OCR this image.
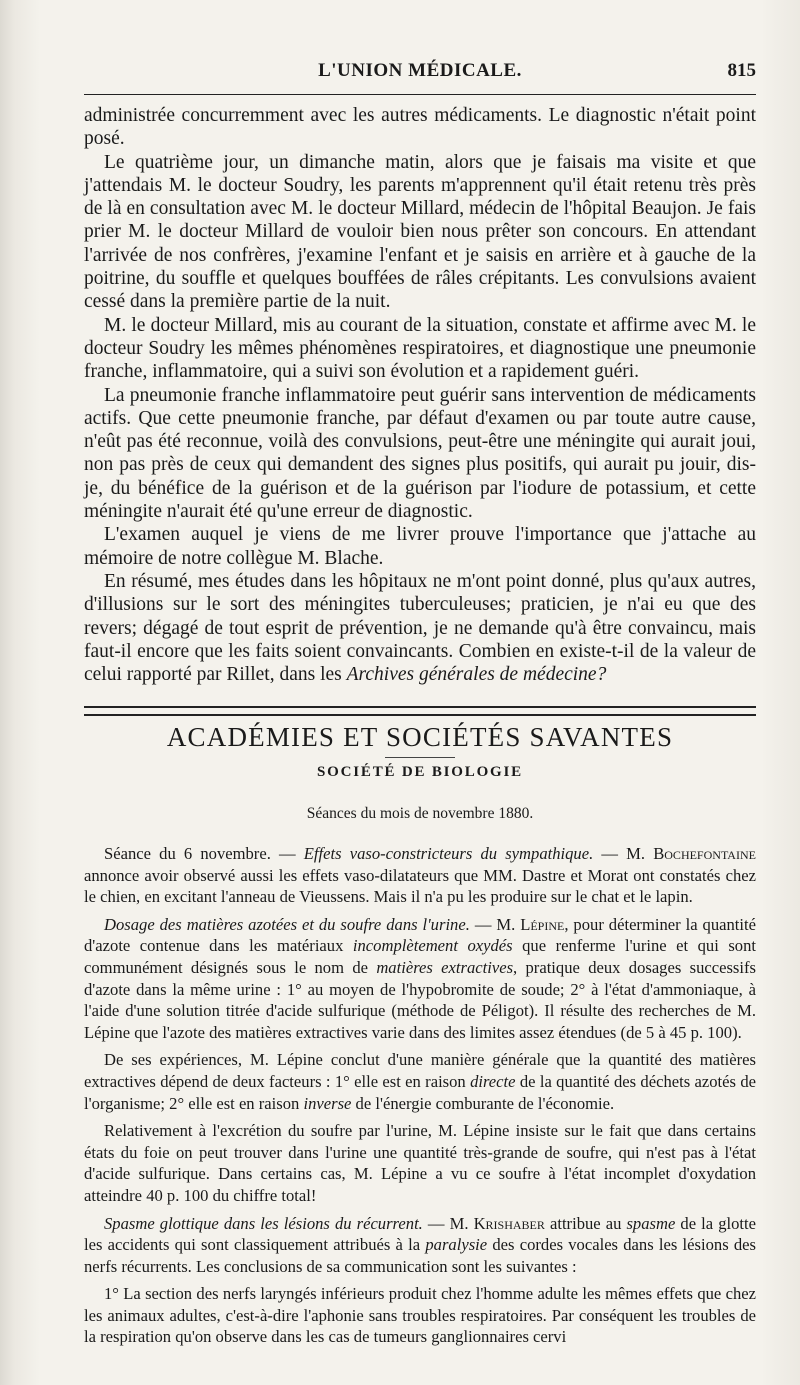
L'UNION MÉDICALE.	815

administrée concurremment avec les autres médicaments. Le diagnostic n'était point posé.

Le quatrième jour, un dimanche matin, alors que je faisais ma visite et que j'attendais M. le docteur Soudry, les parents m'apprennent qu'il était retenu très près de là en consultation avec M. le docteur Millard, médecin de l'hôpital Beaujon. Je fais prier M. le docteur Millard de vouloir bien nous prêter son concours. En attendant l'arrivée de nos confrères, j'examine l'enfant et je saisis en arrière et à gauche de la poitrine, du souffle et quelques bouffées de râles crépitants. Les convulsions avaient cessé dans la première partie de la nuit.

M. le docteur Millard, mis au courant de la situation, constate et affirme avec M. le docteur Soudry les mêmes phénomènes respiratoires, et diagnostique une pneumonie franche, inflammatoire, qui a suivi son évolution et a rapidement guéri.

La pneumonie franche inflammatoire peut guérir sans intervention de médicaments actifs. Que cette pneumonie franche, par défaut d'examen ou par toute autre cause, n'eût pas été reconnue, voilà des convulsions, peut-être une méningite qui aurait joui, non pas près de ceux qui demandent des signes plus positifs, qui aurait pu jouir, dis-je, du bénéfice de la guérison et de la guérison par l'iodure de potassium, et cette méningite n'aurait été qu'une erreur de diagnostic.

L'examen auquel je viens de me livrer prouve l'importance que j'attache au mémoire de notre collègue M. Blache.

En résumé, mes études dans les hôpitaux ne m'ont point donné, plus qu'aux autres, d'illusions sur le sort des méningites tuberculeuses; praticien, je n'ai eu que des revers; dégagé de tout esprit de prévention, je ne demande qu'à être convaincu, mais faut-il encore que les faits soient convaincants. Combien en existe-t-il de la valeur de celui rapporté par Rillet, dans les Archives générales de médecine?

ACADÉMIES ET SOCIÉTÉS SAVANTES
SOCIÉTÉ DE BIOLOGIE
Séances du mois de novembre 1880.

Séance du 6 novembre. — Effets vaso-constricteurs du sympathique. — M. Bochefontaine annonce avoir observé aussi les effets vaso-dilatateurs que MM. Dastre et Morat ont constatés chez le chien, en excitant l'anneau de Vieussens. Mais il n'a pu les produire sur le chat et le lapin.

Dosage des matières azotées et du soufre dans l'urine. — M. Lépine, pour déterminer la quantité d'azote contenue dans les matériaux incomplètement oxydés que renferme l'urine et qui sont communément désignés sous le nom de matières extractives, pratique deux dosages successifs d'azote dans la même urine : 1° au moyen de l'hypobromite de soude; 2° à l'état d'ammoniaque, à l'aide d'une solution titrée d'acide sulfurique (méthode de Péligot). Il résulte des recherches de M. Lépine que l'azote des matières extractives varie dans des limites assez étendues (de 5 à 45 p. 100).

De ses expériences, M. Lépine conclut d'une manière générale que la quantité des matières extractives dépend de deux facteurs : 1° elle est en raison directe de la quantité des déchets azotés de l'organisme; 2° elle est en raison inverse de l'énergie comburante de l'économie.

Relativement à l'excrétion du soufre par l'urine, M. Lépine insiste sur le fait que dans certains états du foie on peut trouver dans l'urine une quantité très-grande de soufre, qui n'est pas à l'état d'acide sulfurique. Dans certains cas, M. Lépine a vu ce soufre à l'état incomplet d'oxydation atteindre 40 p. 100 du chiffre total!

Spasme glottique dans les lésions du récurrent. — M. Krishaber attribue au spasme de la glotte les accidents qui sont classiquement attribués à la paralysie des cordes vocales dans les lésions des nerfs récurrents. Les conclusions de sa communication sont les suivantes :

1° La section des nerfs laryngés inférieurs produit chez l'homme adulte les mêmes effets que chez les animaux adultes, c'est-à-dire l'aphonie sans troubles respiratoires. Par conséquent les troubles de la respiration qu'on observe dans les cas de tumeurs ganglionnaires cervi
